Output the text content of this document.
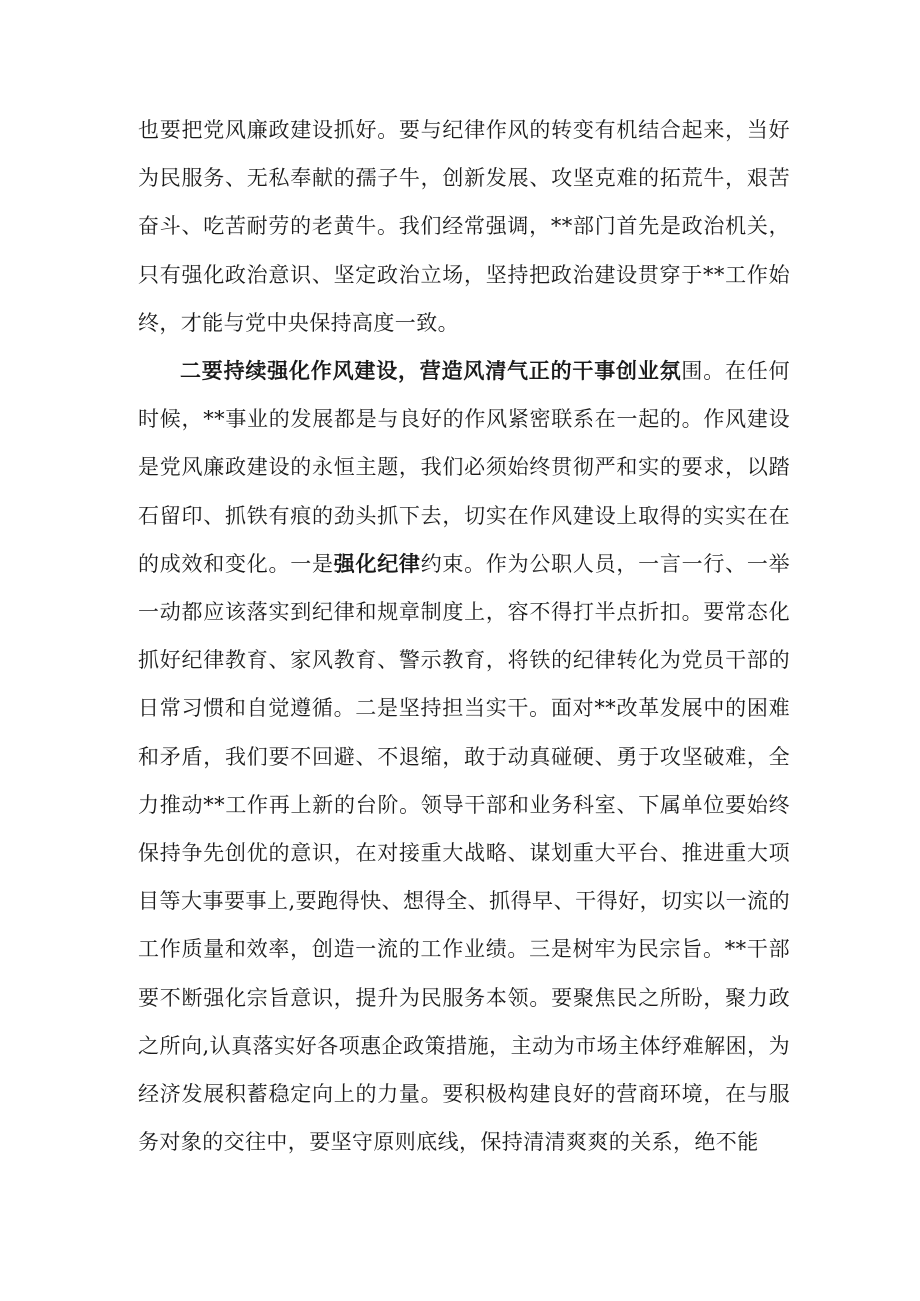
也要把党风廉政建设抓好。要与纪律作风的转变有机结合起来，当好为民服务、无私奉献的孺子牛，创新发展、攻坚克难的拓荒牛，艰苦奋斗、吃苦耐劳的老黄牛。我们经常强调，**部门首先是政治机关，只有强化政治意识、坚定政治立场，坚持把政治建设贯穿于**工作始终，才能与党中央保持高度一致。

二要持续强化作风建设，营造风清气正的干事创业氛围。在任何时候，**事业的发展都是与良好的作风紧密联系在一起的。作风建设是党风廉政建设的永恒主题，我们必须始终贯彻严和实的要求，以踏石留印、抓铁有痕的劲头抓下去，切实在作风建设上取得的实实在在的成效和变化。一是强化纪律约束。作为公职人员，一言一行、一举一动都应该落实到纪律和规章制度上，容不得打半点折扣。要常态化抓好纪律教育、家风教育、警示教育，将铁的纪律转化为党员干部的日常习惯和自觉遵循。二是坚持担当实干。面对**改革发展中的困难和矛盾，我们要不回避、不退缩，敢于动真碰硬、勇于攻坚破难，全力推动**工作再上新的台阶。领导干部和业务科室、下属单位要始终保持争先创优的意识，在对接重大战略、谋划重大平台、推进重大项目等大事要事上,要跑得快、想得全、抓得早、干得好，切实以一流的工作质量和效率，创造一流的工作业绩。三是树牢为民宗旨。**干部要不断强化宗旨意识，提升为民服务本领。要聚焦民之所盼，聚力政之所向,认真落实好各项惠企政策措施，主动为市场主体纾难解困，为经济发展积蓄稳定向上的力量。要积极构建良好的营商环境，在与服务对象的交往中，要坚守原则底线，保持清清爽爽的关系，绝不能
